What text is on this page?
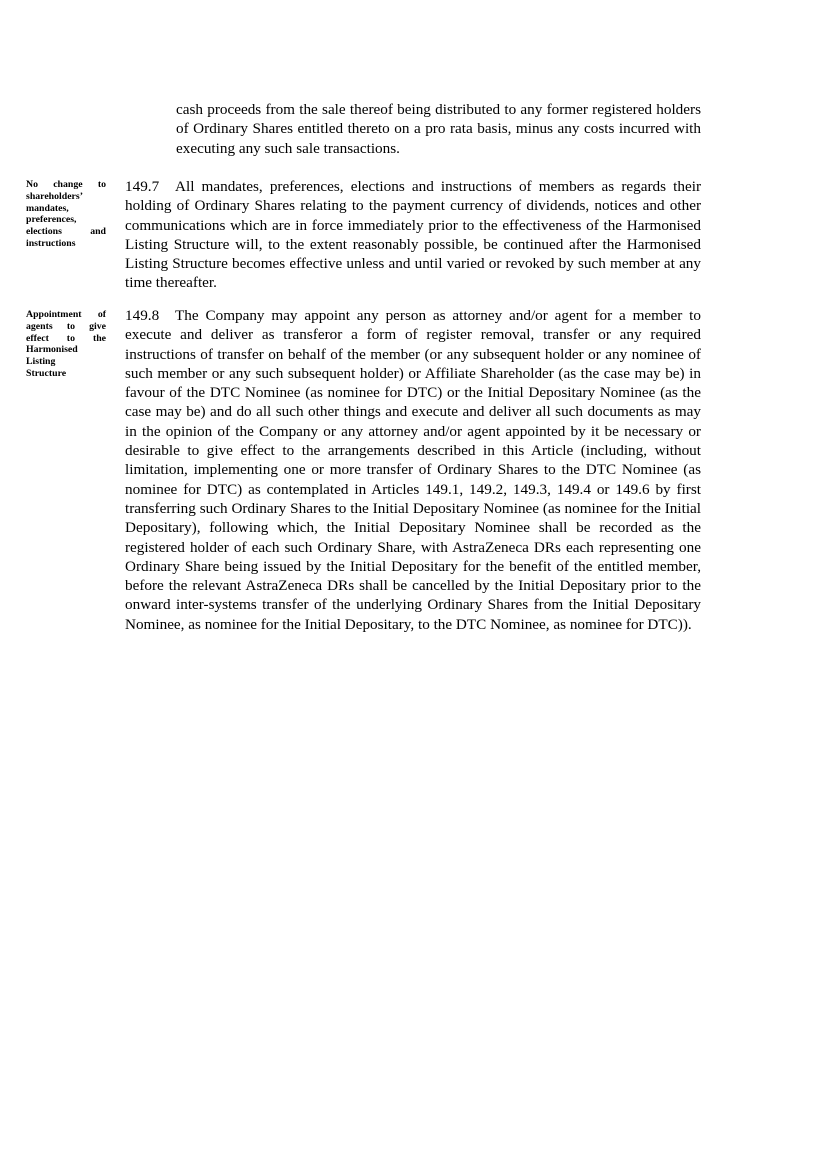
cash proceeds from the sale thereof being distributed to any former registered holders of Ordinary Shares entitled thereto on a pro rata basis, minus any costs incurred with executing any such sale transactions.

No change to
shareholders’
mandates,
preferences,
elections and
instructions

149.7 All mandates, preferences, elections and instructions of members as regards their holding of Ordinary Shares relating to the payment currency of dividends, notices and other communications which are in force immediately prior to the effectiveness of the Harmonised Listing Structure will, to the extent reasonably possible, be continued after the Harmonised Listing Structure becomes effective unless and until varied or revoked by such member at any time thereafter.

Appointment of
agents to give
effect to the
Harmonised
Listing
Structure

149.8 The Company may appoint any person as attorney and/or agent for a member to execute and deliver as transferor a form of register removal, transfer or any required instructions of transfer on behalf of the member (or any subsequent holder or any nominee of such member or any such subsequent holder) or Affiliate Shareholder (as the case may be) in favour of the DTC Nominee (as nominee for DTC) or the Initial Depositary Nominee (as the case may be) and do all such other things and execute and deliver all such documents as may in the opinion of the Company or any attorney and/or agent appointed by it be necessary or desirable to give effect to the arrangements described in this Article (including, without limitation, implementing one or more transfer of Ordinary Shares to the DTC Nominee (as nominee for DTC) as contemplated in Articles 149.1, 149.2, 149.3, 149.4 or 149.6 by first transferring such Ordinary Shares to the Initial Depositary Nominee (as nominee for the Initial Depositary), following which, the Initial Depositary Nominee shall be recorded as the registered holder of each such Ordinary Share, with AstraZeneca DRs each representing one Ordinary Share being issued by the Initial Depositary for the benefit of the entitled member, before the relevant AstraZeneca DRs shall be cancelled by the Initial Depositary prior to the onward inter-systems transfer of the underlying Ordinary Shares from the Initial Depositary Nominee, as nominee for the Initial Depositary, to the DTC Nominee, as nominee for DTC)).
